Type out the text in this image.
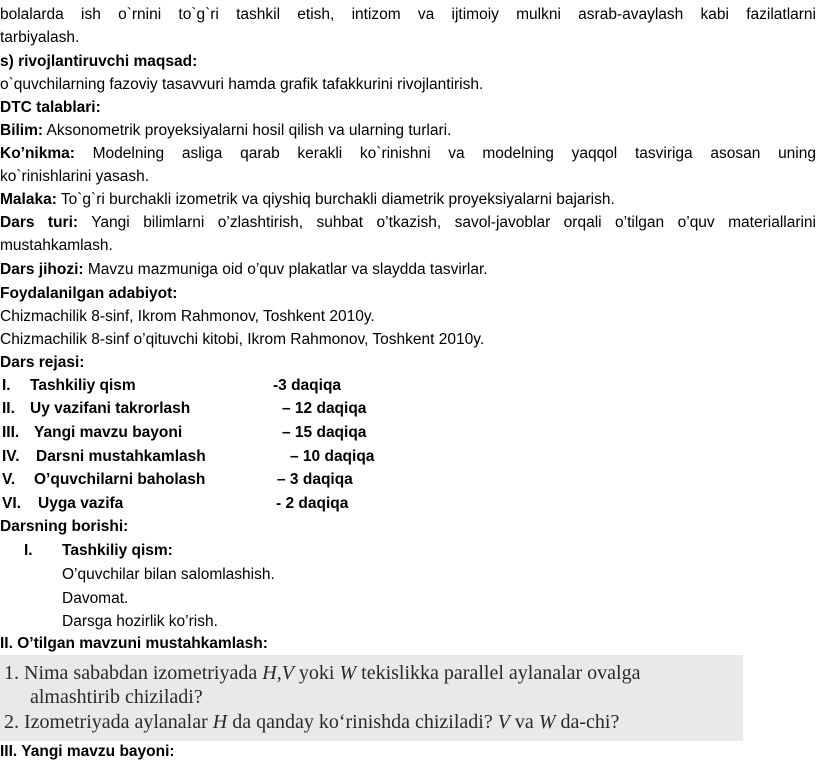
bolalarda ish o`rnini to`g`ri tashkil etish, intizom va ijtimoiy mulkni asrab-avaylash kabi fazilatlarni
tarbiyalash.
s) rivojlantiruvchi maqsad:
o`quvchilarning fazoviy tasavvuri hamda grafik tafakkurini rivojlantirish.
DTC talablari:
Bilim: Aksonometrik proyeksiyalarni hosil qilish va ularning turlari.
Ko’nikma: Modelning asliga qarab kerakli ko`rinishni va modelning yaqqol tasviriga asosan uning
ko`rinishlarini yasash.
Malaka: To`g`ri burchakli izometrik va qiyshiq burchakli diametrik proyeksiyalarni bajarish.
Dars turi: Yangi bilimlarni o’zlashtirish, suhbat o’tkazish, savol-javoblar orqali o’tilgan o’quv materiallarini
mustahkamlash.
Dars jihozi: Mavzu mazmuniga oid o’quv plakatlar va slaydda tasvirlar.
Foydalanilgan adabiyot:
Chizmachilik 8-sinf, Ikrom Rahmonov, Toshkent 2010y.
Chizmachilik 8-sinf o’qituvchi kitobi, Ikrom Rahmonov, Toshkent 2010y.
Dars rejasi:
I. Tashkiliy qism	-3 daqiqa
II. Uy vazifani takrorlash	– 12 daqiqa
III. Yangi mavzu bayoni	– 15 daqiqa
IV. Darsni mustahkamlash	– 10 daqiqa
V. O’quvchilarni baholash	– 3 daqiqa
VI. Uyga vazifa	- 2 daqiqa
Darsning borishi:
I. Tashkiliy qism:
O’quvchilar bilan salomlashish.
Davomat.
Darsga hozirlik ko’rish.
II. O’tilgan mavzuni mustahkamlash:
1. Nima sababdan izometriyada H,V yoki W tekislikka parallel aylanalar ovalga
almashtirib chiziladi?
2. Izometriyada aylanalar H da qanday ko‘rinishda chiziladi? V va W da-chi?
III. Yangi mavzu bayoni:
